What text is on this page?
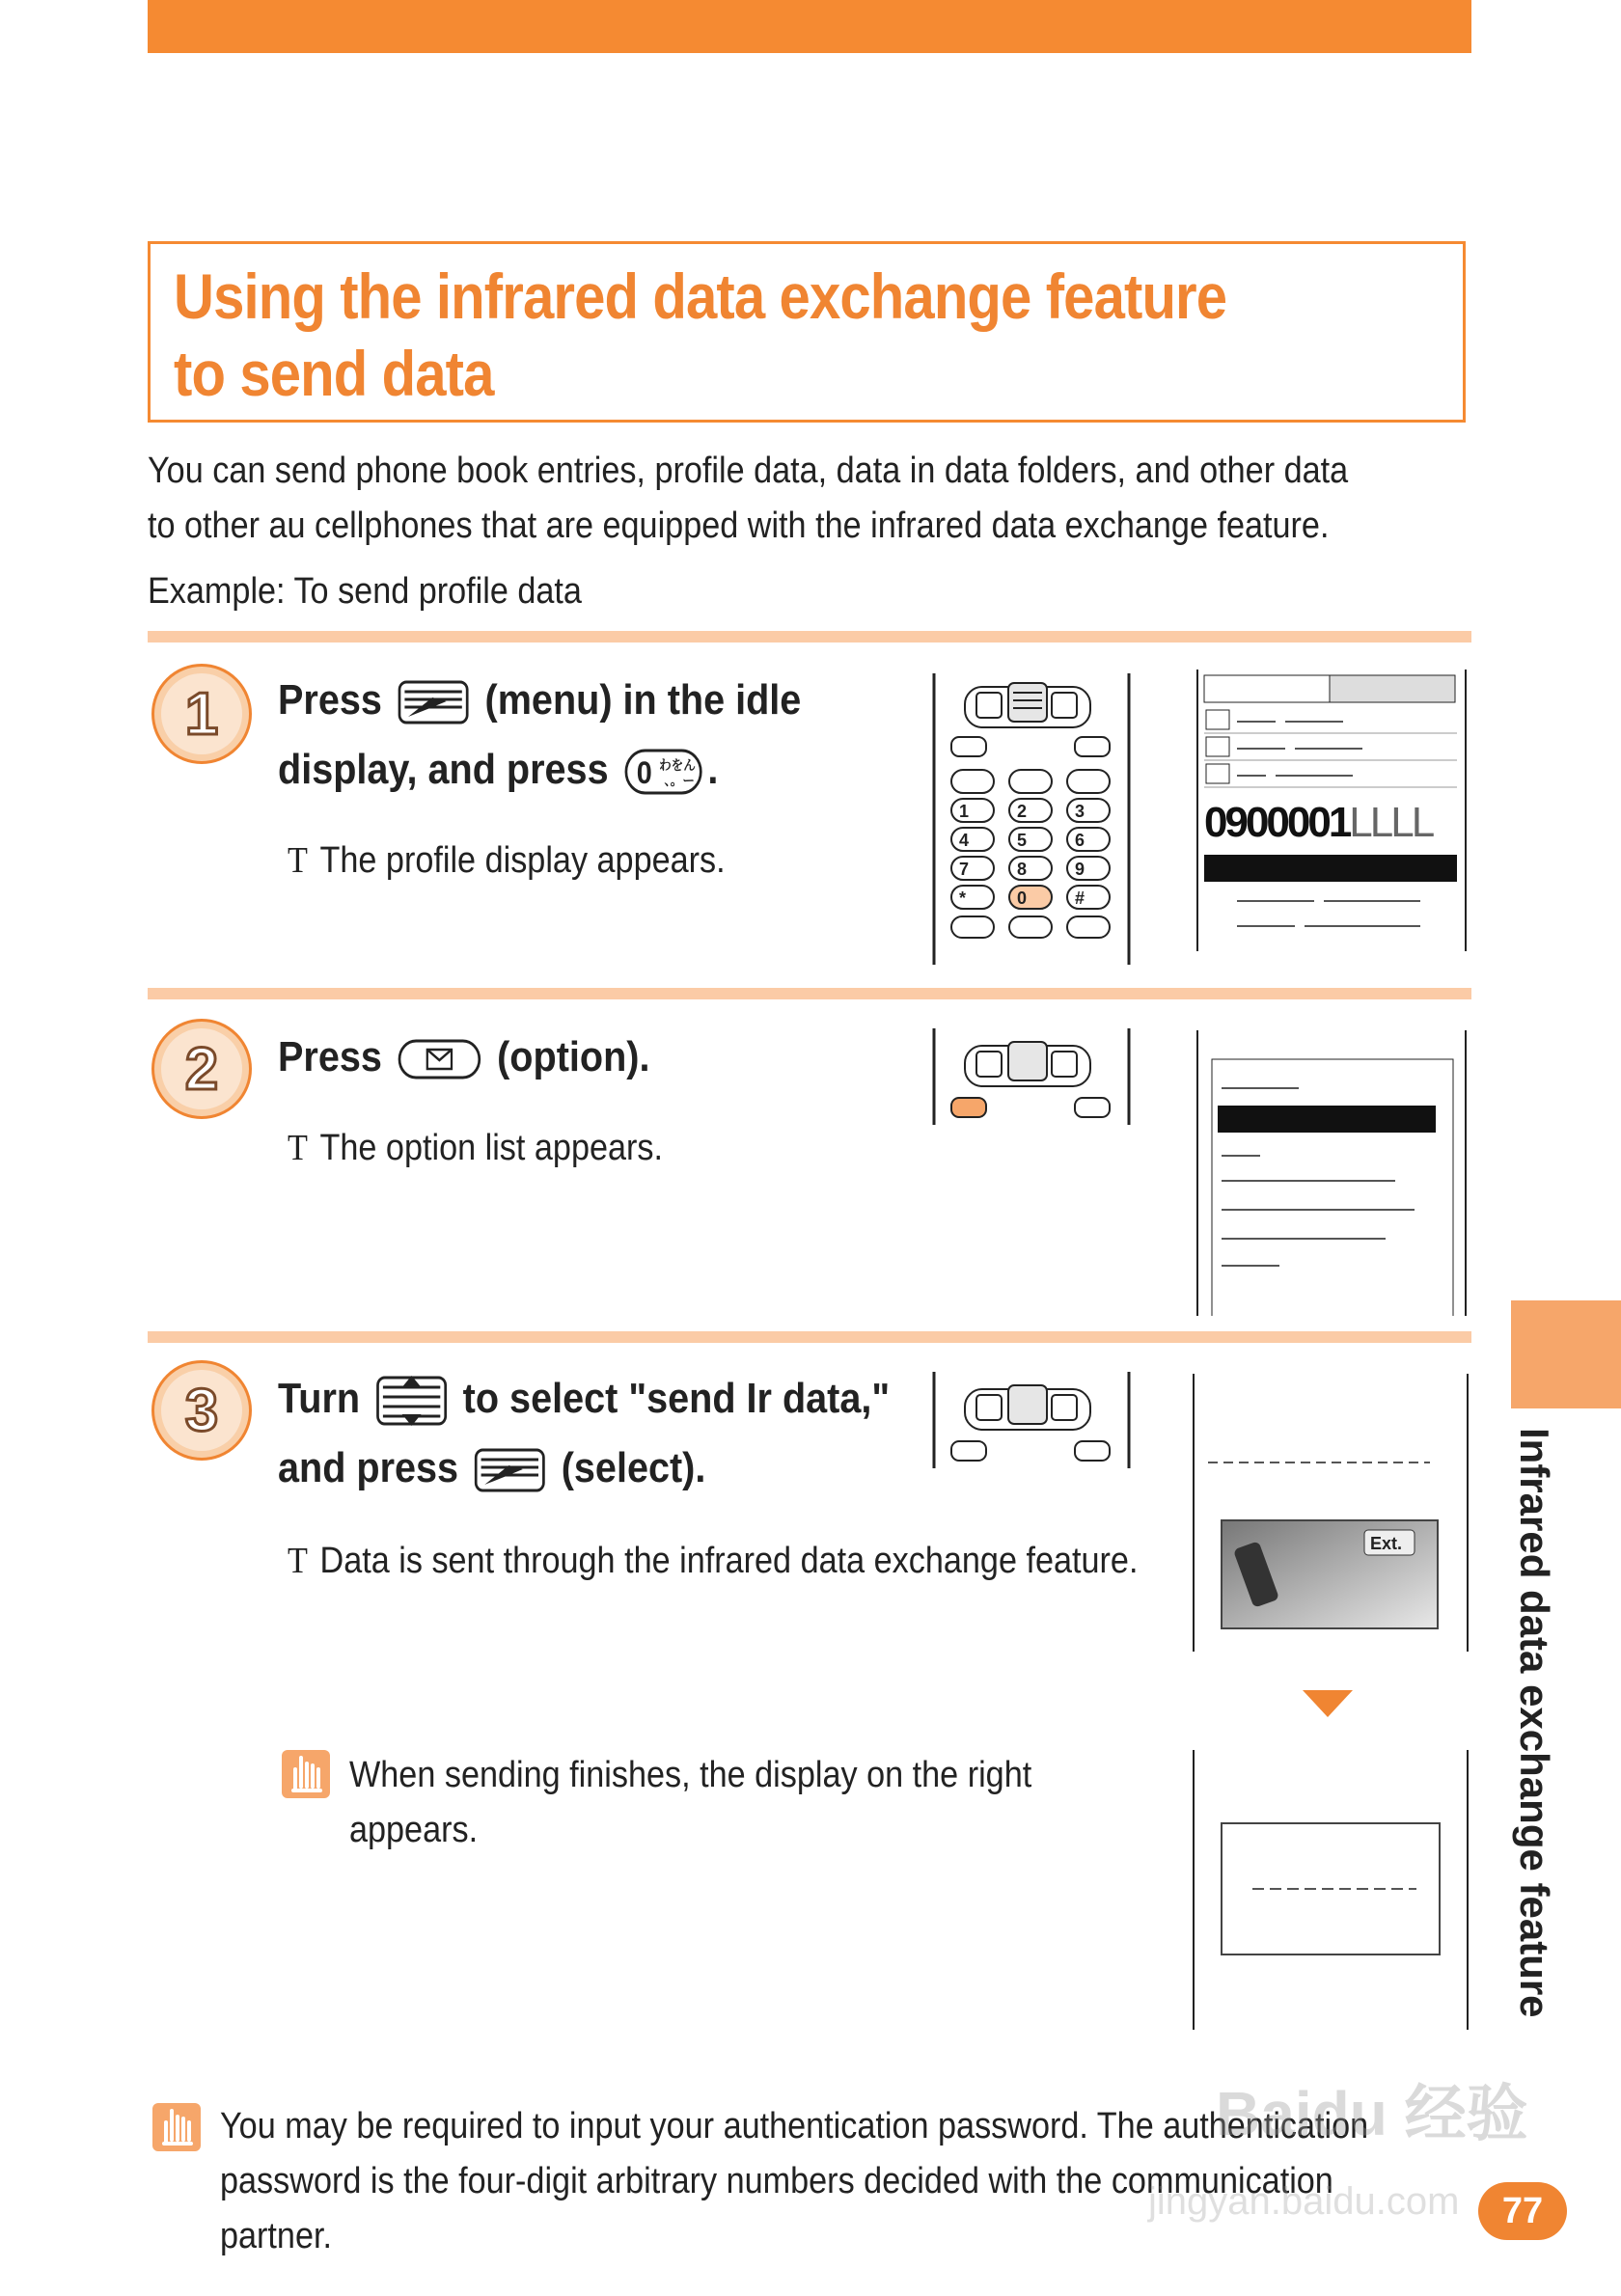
Using the infrared data exchange feature
to send data
You can send phone book entries, profile data, data in data folders, and other data to other au cellphones that are equipped with the infrared data exchange feature.
Example: To send profile data
1	Press (menu) in the idle
display, and press 0 わをん
、。ー .
T The profile display appears.
1	2	3
4	5	6
7	8	9
*	0	#
0900001LLLL
2	Press	(option).
T The option list appears.
3	Turn to select "send Ir data,"
and press (select).
T Data is sent through the infrared data exchange feature.	Ext.
When sending finishes, the display on the right appears.
You may be required to input your authentication password. The authentication password is the four-digit arbitrary numbers decided with the communication partner.
Infrared data exchange feature
Baidu 经验
jingyan.baidu.com	77
